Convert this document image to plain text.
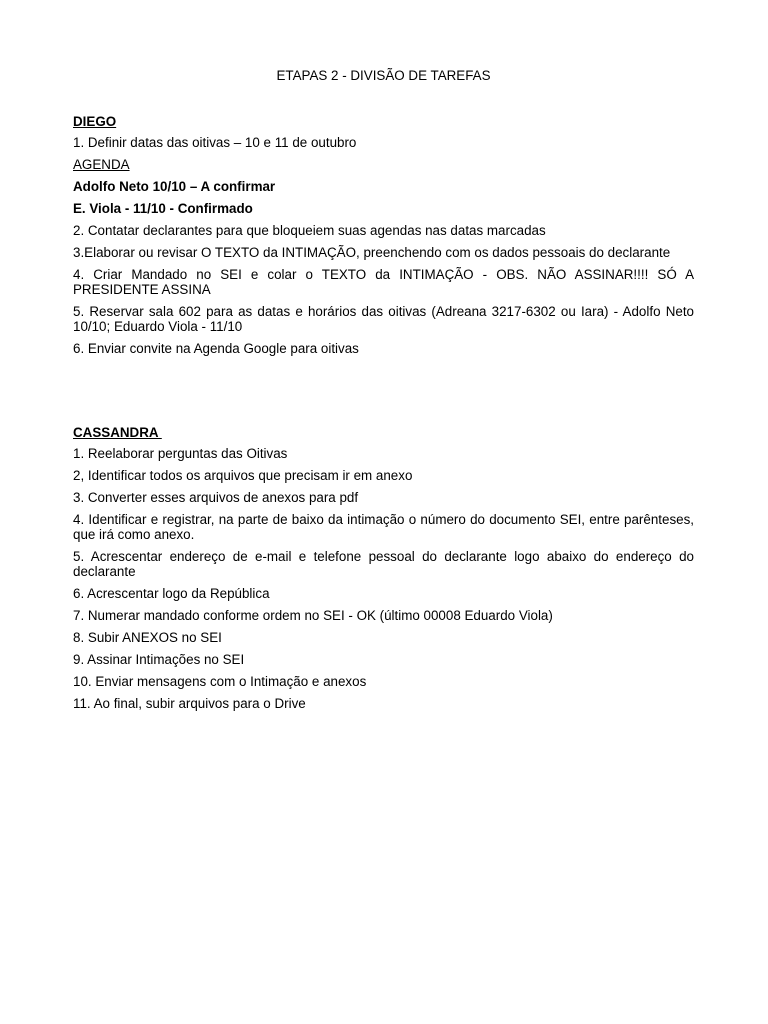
ETAPAS 2 - DIVISÃO DE TAREFAS
DIEGO
1. Definir datas das oitivas – 10 e 11 de outubro
AGENDA
Adolfo Neto 10/10 – A confirmar
E. Viola - 11/10 - Confirmado
2. Contatar declarantes para que bloqueiem suas agendas nas datas marcadas
3.Elaborar ou revisar O TEXTO da INTIMAÇÃO, preenchendo com os dados pessoais do declarante
4. Criar Mandado no SEI e colar o TEXTO da INTIMAÇÃO - OBS. NÃO ASSINAR!!!! SÓ A PRESIDENTE ASSINA
5. Reservar sala 602 para as datas e horários das oitivas (Adreana 3217-6302 ou Iara) - Adolfo Neto 10/10; Eduardo Viola - 11/10
6. Enviar convite na Agenda Google para oitivas
CASSANDRA
1. Reelaborar perguntas das Oitivas
2, Identificar todos os arquivos que precisam ir em anexo
3. Converter esses arquivos de anexos para pdf
4. Identificar e registrar, na parte de baixo da intimação o número do documento SEI, entre parênteses, que irá como anexo.
5. Acrescentar endereço de e-mail e telefone pessoal do declarante logo abaixo do endereço do declarante
6. Acrescentar logo da República
7. Numerar mandado conforme ordem no SEI - OK (último 00008 Eduardo Viola)
8. Subir ANEXOS no SEI
9. Assinar Intimações no SEI
10. Enviar mensagens com o Intimação e anexos
11. Ao final, subir arquivos para o Drive
